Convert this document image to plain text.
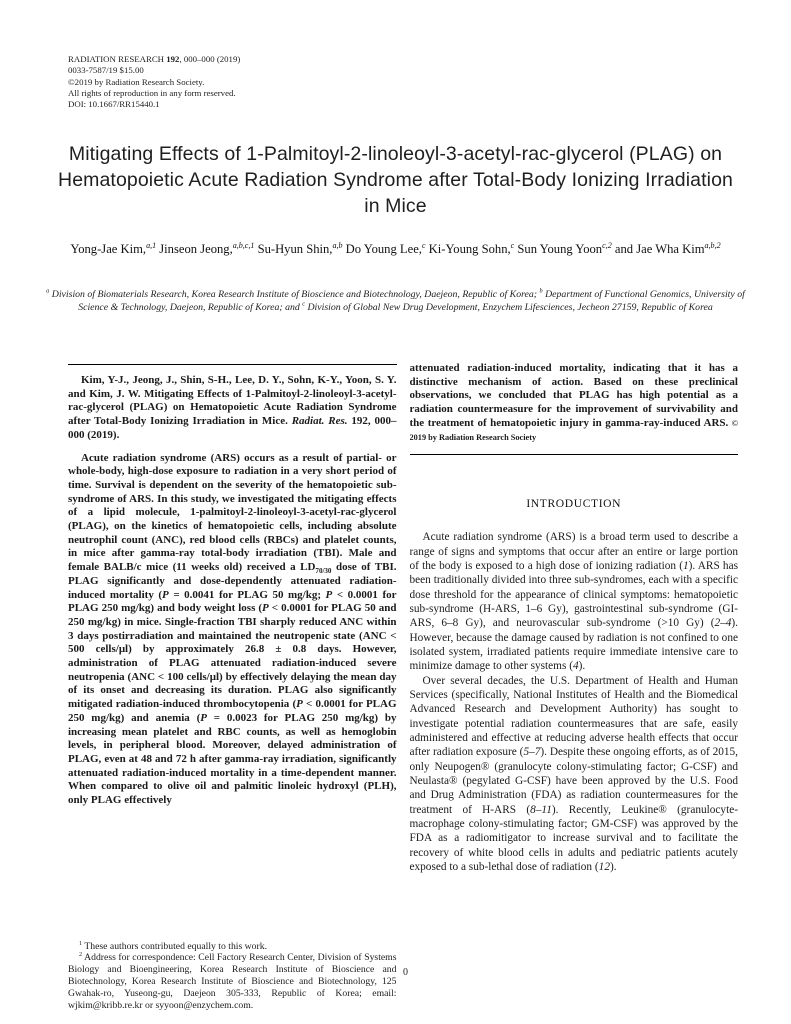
RADIATION RESEARCH 192, 000–000 (2019)
0033-7587/19 $15.00
©2019 by Radiation Research Society.
All rights of reproduction in any form reserved.
DOI: 10.1667/RR15440.1
Mitigating Effects of 1-Palmitoyl-2-linoleoyl-3-acetyl-rac-glycerol (PLAG) on Hematopoietic Acute Radiation Syndrome after Total-Body Ionizing Irradiation in Mice
Yong-Jae Kim,$^{a,1}$ Jinseon Jeong,$^{a,b,c,1}$ Su-Hyun Shin,$^{a,b}$ Do Young Lee,$^c$ Ki-Young Sohn,$^c$ Sun Young Yoon$^{c,2}$ and Jae Wha Kim$^{a,b,2}$
$^a$ Division of Biomaterials Research, Korea Research Institute of Bioscience and Biotechnology, Daejeon, Republic of Korea; $^b$ Department of Functional Genomics, University of Science & Technology, Daejeon, Republic of Korea; and $^c$ Division of Global New Drug Development, Enzychem Lifesciences, Jecheon 27159, Republic of Korea

Kim, Y-J., Jeong, J., Shin, S-H., Lee, D. Y., Sohn, K-Y., Yoon, S. Y. and Kim, J. W. Mitigating Effects of 1-Palmitoyl-2-linoleoyl-3-acetyl-rac-glycerol (PLAG) on Hematopoietic Acute Radiation Syndrome after Total-Body Ionizing Irradiation in Mice. Radiat. Res. 192, 000–000 (2019).

Acute radiation syndrome (ARS) occurs as a result of partial- or whole-body, high-dose exposure to radiation in a very short period of time. Survival is dependent on the severity of the hematopoietic sub-syndrome of ARS. In this study, we investigated the mitigating effects of a lipid molecule, 1-palmitoyl-2-linoleoyl-3-acetyl-rac-glycerol (PLAG), on the kinetics of hematopoietic cells, including absolute neutrophil count (ANC), red blood cells (RBCs) and platelet counts, in mice after gamma-ray total-body irradiation (TBI). Male and female BALB/c mice (11 weeks old) received a $LD_{70/30}$ dose of TBI. PLAG significantly and dose-dependently attenuated radiation-induced mortality (P = 0.0041 for PLAG 50 mg/kg; P < 0.0001 for PLAG 250 mg/kg) and body weight loss (P < 0.0001 for PLAG 50 and 250 mg/kg) in mice. Single-fraction TBI sharply reduced ANC within 3 days postirradiation and maintained the neutropenic state (ANC < 500 cells/μl) by approximately 26.8 ± 0.8 days. However, administration of PLAG attenuated radiation-induced severe neutropenia (ANC < 100 cells/μl) by effectively delaying the mean day of its onset and decreasing its duration. PLAG also significantly mitigated radiation-induced thrombocytopenia (P < 0.0001 for PLAG 250 mg/kg) and anemia (P = 0.0023 for PLAG 250 mg/kg) by increasing mean platelet and RBC counts, as well as hemoglobin levels, in peripheral blood. Moreover, delayed administration of PLAG, even at 48 and 72 h after gamma-ray irradiation, significantly attenuated radiation-induced mortality in a time-dependent manner. When compared to olive oil and palmitic linoleic hydroxyl (PLH), only PLAG effectively

$^1$ These authors contributed equally to this work.

$^2$ Address for correspondence: Cell Factory Research Center, Division of Systems Biology and Bioengineering, Korea Research Institute of Bioscience and Biotechnology, Korea Research Institute of Bioscience and Biotechnology, 125 Gwahak-ro, Yuseong-gu, Daejeon 305-333, Republic of Korea; email: wjkim@kribb.re.kr or syyoon@enzychem.com.

attenuated radiation-induced mortality, indicating that it has a distinctive mechanism of action. Based on these preclinical observations, we concluded that PLAG has high potential as a radiation countermeasure for the improvement of survivability and the treatment of hematopoietic injury in gamma-ray-induced ARS. © 2019 by Radiation Research Society

INTRODUCTION

Acute radiation syndrome (ARS) is a broad term used to describe a range of signs and symptoms that occur after an entire or large portion of the body is exposed to a high dose of ionizing radiation (1). ARS has been traditionally divided into three sub-syndromes, each with a specific dose threshold for the appearance of clinical symptoms: hematopoietic sub-syndrome (H-ARS, 1–6 Gy), gastrointestinal sub-syndrome (GI-ARS, 6–8 Gy), and neurovascular sub-syndrome (>10 Gy) (2–4). However, because the damage caused by radiation is not confined to one isolated system, irradiated patients require immediate intensive care to minimize damage to other systems (4).

Over several decades, the U.S. Department of Health and Human Services (specifically, National Institutes of Health and the Biomedical Advanced Research and Development Authority) has sought to investigate potential radiation countermeasures that are safe, easily administered and effective at reducing adverse health effects that occur after radiation exposure (5–7). Despite these ongoing efforts, as of 2015, only Neupogen® (granulocyte colony-stimulating factor; G-CSF) and Neulasta® (pegylated G-CSF) have been approved by the U.S. Food and Drug Administration (FDA) as radiation countermeasures for the treatment of H-ARS (8–11). Recently, Leukine® (granulocyte-macrophage colony-stimulating factor; GM-CSF) was approved by the FDA as a radiomitigator to increase survival and to facilitate the recovery of white blood cells in adults and pediatric patients acutely exposed to a sub-lethal dose of radiation (12).

0
